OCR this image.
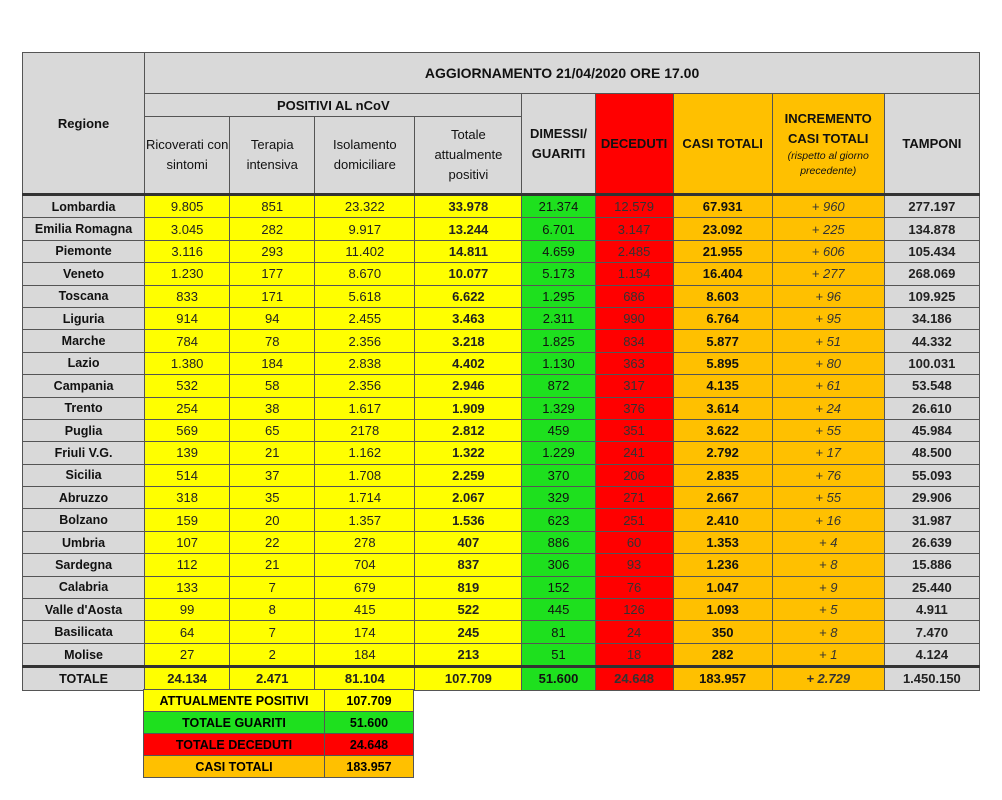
Regione	AGGIORNAMENTO 21/04/2020 ORE 17.00								
	POSITIVI AL nCoV				DIMESSI/ GUARITI	DECEDUTI	CASI TOTALI	INCREMENTO CASI TOTALI
(rispetto al giorno precedente)	TAMPONI
	Ricoverati con sintomi	Terapia intensiva	Isolamento domiciliare	Totale attualmente positivi					
Lombardia	9.805	851	23.322	33.978	21.374	12.579	67.931	+ 960	277.197
Emilia Romagna	3.045	282	9.917	13.244	6.701	3.147	23.092	+ 225	134.878
Piemonte	3.116	293	11.402	14.811	4.659	2.485	21.955	+ 606	105.434
Veneto	1.230	177	8.670	10.077	5.173	1.154	16.404	+ 277	268.069
Toscana	833	171	5.618	6.622	1.295	686	8.603	+ 96	109.925
Liguria	914	94	2.455	3.463	2.311	990	6.764	+ 95	34.186
Marche	784	78	2.356	3.218	1.825	834	5.877	+ 51	44.332
Lazio	1.380	184	2.838	4.402	1.130	363	5.895	+ 80	100.031
Campania	532	58	2.356	2.946	872	317	4.135	+ 61	53.548
Trento	254	38	1.617	1.909	1.329	376	3.614	+ 24	26.610
Puglia	569	65	2178	2.812	459	351	3.622	+ 55	45.984
Friuli V.G.	139	21	1.162	1.322	1.229	241	2.792	+ 17	48.500
Sicilia	514	37	1.708	2.259	370	206	2.835	+ 76	55.093
Abruzzo	318	35	1.714	2.067	329	271	2.667	+ 55	29.906
Bolzano	159	20	1.357	1.536	623	251	2.410	+ 16	31.987
Umbria	107	22	278	407	886	60	1.353	+ 4	26.639
Sardegna	112	21	704	837	306	93	1.236	+ 8	15.886
Calabria	133	7	679	819	152	76	1.047	+ 9	25.440
Valle d'Aosta	99	8	415	522	445	126	1.093	+ 5	4.911
Basilicata	64	7	174	245	81	24	350	+ 8	7.470
Molise	27	2	184	213	51	18	282	+ 1	4.124
TOTALE	24.134	2.471	81.104	107.709	51.600	24.648	183.957	+ 2.729	1.450.150
ATTUALMENTE POSITIVI	107.709
TOTALE GUARITI	51.600
TOTALE DECEDUTI	24.648
CASI TOTALI	183.957
